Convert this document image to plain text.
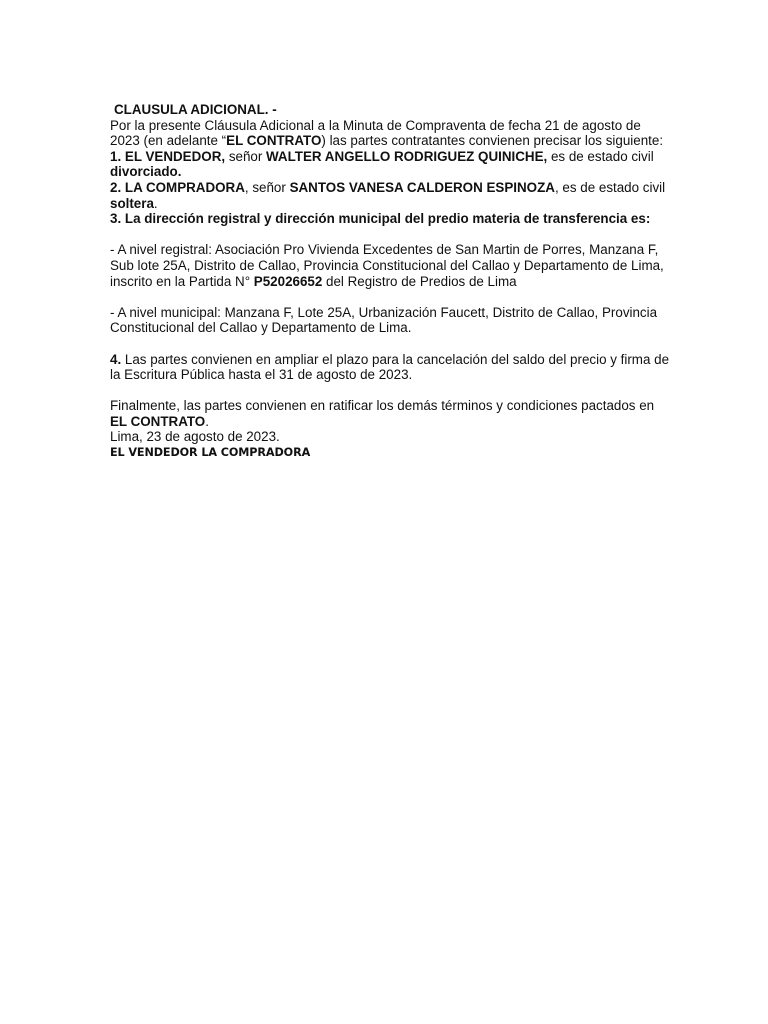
CLAUSULA ADICIONAL. -

Por la presente Cláusula Adicional a la Minuta de Compraventa de fecha 21 de agosto de 2023 (en adelante “EL CONTRATO) las partes contratantes convienen precisar los siguiente:

1. EL VENDEDOR, señor WALTER ANGELLO RODRIGUEZ QUINICHE, es de estado civil divorciado.

2. LA COMPRADORA, señor SANTOS VANESA CALDERON ESPINOZA, es de estado civil soltera.

3. La dirección registral y dirección municipal del predio materia de transferencia es:

- A nivel registral: Asociación Pro Vivienda Excedentes de San Martin de Porres, Manzana F, Sub lote 25A, Distrito de Callao, Provincia Constitucional del Callao y Departamento de Lima, inscrito en la Partida N° P52026652 del Registro de Predios de Lima

- A nivel municipal: Manzana F, Lote 25A, Urbanización Faucett, Distrito de Callao, Provincia Constitucional del Callao y Departamento de Lima.

4. Las partes convienen en ampliar el plazo para la cancelación del saldo del precio y firma de la Escritura Pública hasta el 31 de agosto de 2023.

Finalmente, las partes convienen en ratificar los demás términos y condiciones pactados en EL CONTRATO.

Lima, 23 de agosto de 2023.

EL VENDEDOR LA COMPRADORA
